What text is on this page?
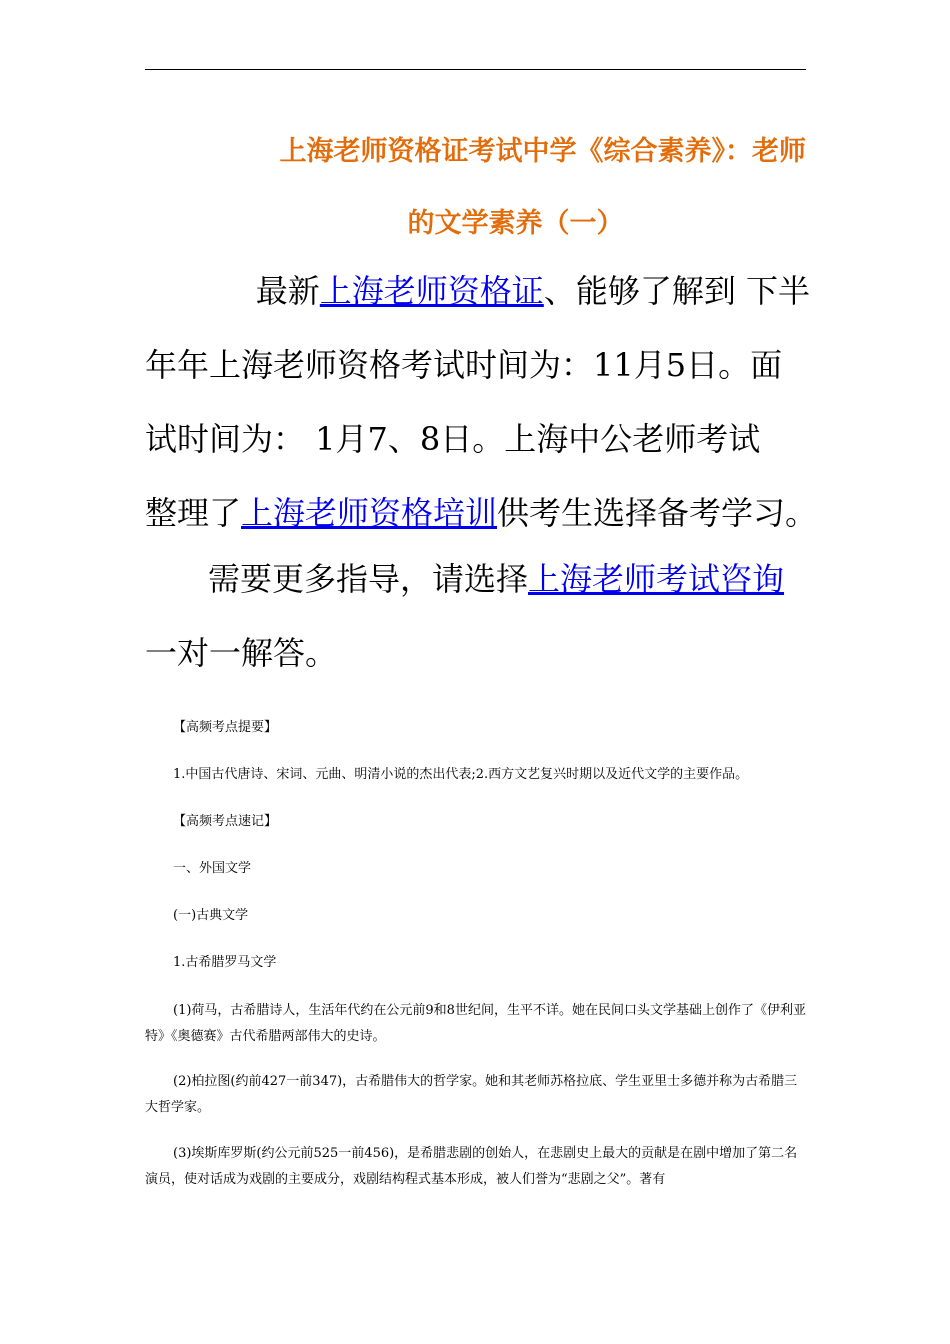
上海老师资格证考试中学《综合素养》：老师
的文学素养（一）
最新上海老师资格证、能够了解到 下半
年年上海老师资格考试时间为：11月5日。面
试时间为： 1月7、8日。上海中公老师考试
整理了上海老师资格培训供考生选择备考学习。
需要更多指导，请选择上海老师考试咨询
一对一解答。
【高频考点提要】
1.中国古代唐诗、宋词、元曲、明清小说的杰出代表;2.西方文艺复兴时期以及近代文学的主要作品。
【高频考点速记】
一、外国文学
(一)古典文学
1.古希腊罗马文学
(1)荷马，古希腊诗人，生活年代约在公元前9和8世纪间，生平不详。她在民间口头文学基础上创作了《伊利亚特》《奥德赛》古代希腊两部伟大的史诗。
(2)柏拉图(约前427一前347)，古希腊伟大的哲学家。她和其老师苏格拉底、学生亚里士多德并称为古希腊三大哲学家。
(3)埃斯库罗斯(约公元前525一前456)，是希腊悲剧的创始人，在悲剧史上最大的贡献是在剧中增加了第二名演员，使对话成为戏剧的主要成分，戏剧结构程式基本形成，被人们誉为“悲剧之父”。著有
